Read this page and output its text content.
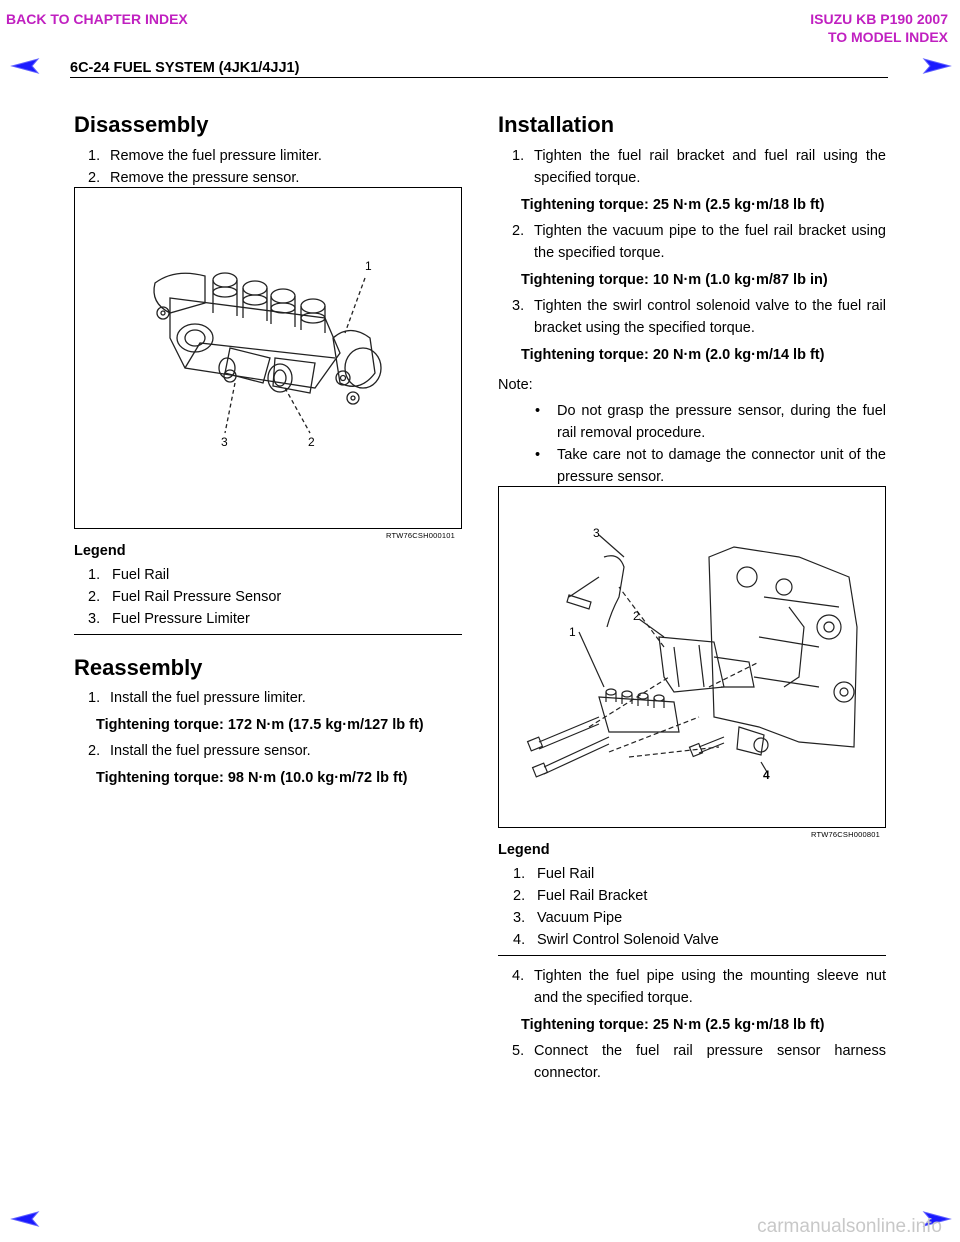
BACK TO CHAPTER INDEX	ISUZU KB P190 2007
TO MODEL INDEX
6C-24 FUEL SYSTEM (4JK1/4JJ1)
Disassembly
1. Remove the fuel pressure limiter.
2. Remove the pressure sensor.
1
3	2
RTW76CSH000101
Legend
1. Fuel Rail
2. Fuel Rail Pressure Sensor
3. Fuel Pressure Limiter
Reassembly
1. Install the fuel pressure limiter.
Tightening torque: 172 N·m (17.5 kg·m/127 lb ft)
2. Install the fuel pressure sensor.
Tightening torque: 98 N·m (10.0 kg·m/72 lb ft)
Installation
1. Tighten the fuel rail bracket and fuel rail using the specified torque.
Tightening torque: 25 N·m (2.5 kg·m/18 lb ft)
2. Tighten the vacuum pipe to the fuel rail bracket using the specified torque.
Tightening torque: 10 N·m (1.0 kg·m/87 lb in)
3. Tighten the swirl control solenoid valve to the fuel rail bracket using the specified torque.
Tightening torque: 20 N·m (2.0 kg·m/14 lb ft)
Note:
• Do not grasp the pressure sensor, during the fuel rail removal procedure.
• Take care not to damage the connector unit of the pressure sensor.
3
2
1
4
RTW76CSH000801
Legend
1. Fuel Rail
2. Fuel Rail Bracket
3. Vacuum Pipe
4. Swirl Control Solenoid Valve
4. Tighten the fuel pipe using the mounting sleeve nut and the specified torque.
Tightening torque: 25 N·m (2.5 kg·m/18 lb ft)
5. Connect the fuel rail pressure sensor harness connector.
carmanualsonline.info
